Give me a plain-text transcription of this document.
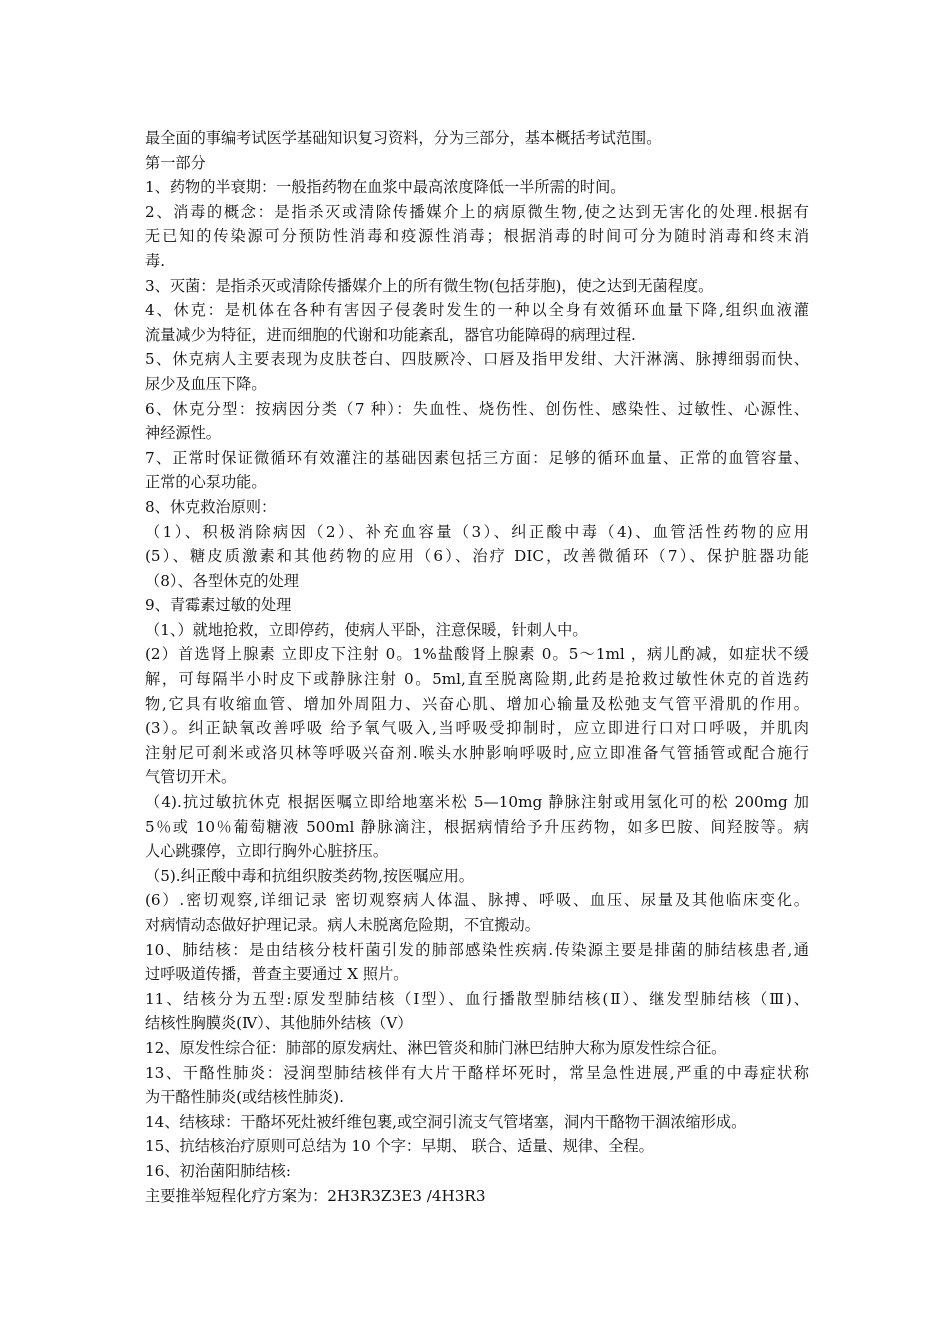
最全面的事编考试医学基础知识复习资料，分为三部分，基本概括考试范围。
第一部分
1、药物的半衰期：一般指药物在血浆中最高浓度降低一半所需的时间。
2、消毒的概念：是指杀灭或清除传播媒介上的病原微生物,使之达到无害化的处理.根据有
无已知的传染源可分预防性消毒和疫源性消毒；根据消毒的时间可分为随时消毒和终末消
毒.
3、灭菌：是指杀灭或清除传播媒介上的所有微生物(包括芽胞)，使之达到无菌程度。
4、休克：是机体在各种有害因子侵袭时发生的一种以全身有效循环血量下降,组织血液灌
流量减少为特征，进而细胞的代谢和功能紊乱，器官功能障碍的病理过程.
5、休克病人主要表现为皮肤苍白、四肢厥冷、口唇及指甲发绀、大汗淋漓、脉搏细弱而快、
尿少及血压下降。
6、休克分型：按病因分类（7 种）：失血性、烧伤性、创伤性、感染性、过敏性、心源性、
神经源性。
7、正常时保证微循环有效灌注的基础因素包括三方面：足够的循环血量、正常的血管容量、
正常的心泵功能。
8、休克救治原则：
（1）、积极消除病因（2）、补充血容量（3）、纠正酸中毒（4)、血管活性药物的应用
(5）、糖皮质激素和其他药物的应用（6）、治疗 DIC，改善微循环（7）、保护脏器功能
（8）、各型休克的处理
9、青霉素过敏的处理
（1、）就地抢救，立即停药，使病人平卧，注意保暖，针刺人中。
(2）首选肾上腺素 立即皮下注射 0。1%盐酸肾上腺素 0。5～1ml ，病儿酌减，如症状不缓
解，可每隔半小时皮下或静脉注射 0。5ml,直至脱离险期,此药是抢救过敏性休克的首选药
物,它具有收缩血管、增加外周阻力、兴奋心肌、增加心输量及松弛支气管平滑肌的作用。
(3）。纠正缺氧改善呼吸 给予氧气吸入,当呼吸受抑制时，应立即进行口对口呼吸，并肌肉
注射尼可刹米或洛贝林等呼吸兴奋剂.喉头水肿影响呼吸时,应立即准备气管插管或配合施行
气管切开术。
（4).抗过敏抗休克 根据医嘱立即给地塞米松 5—10mg 静脉注射或用氢化可的松 200mg 加
5％或 10％葡萄糖液 500ml 静脉滴注，根据病情给予升压药物，如多巴胺、间羟胺等。病
人心跳骤停，立即行胸外心脏挤压。
（5).纠正酸中毒和抗组织胺类药物,按医嘱应用。
(6）.密切观察,详细记录 密切观察病人体温、脉搏、呼吸、血压、尿量及其他临床变化。
对病情动态做好护理记录。病人未脱离危险期，不宜搬动。
10、肺结核：是由结核分枝杆菌引发的肺部感染性疾病.传染源主要是排菌的肺结核患者,通
过呼吸道传播，普查主要通过 X 照片。
11、结核分为五型:原发型肺结核（Ⅰ型）、血行播散型肺结核(Ⅱ）、继发型肺结核（Ⅲ)、
结核性胸膜炎(Ⅳ）、其他肺外结核（Ⅴ）
12、原发性综合征：肺部的原发病灶、淋巴管炎和肺门淋巴结肿大称为原发性综合征。
13、干酪性肺炎：浸润型肺结核伴有大片干酪样坏死时，常呈急性进展,严重的中毒症状称
为干酪性肺炎(或结核性肺炎).
14、结核球：干酪坏死灶被纤维包裹,或空洞引流支气管堵塞，洞内干酪物干涸浓缩形成。
15、抗结核治疗原则可总结为 10 个字：早期、 联合、适量、规律、全程。
16、初治菌阳肺结核:
主要推举短程化疗方案为：2H3R3Z3E3 /4H3R3
